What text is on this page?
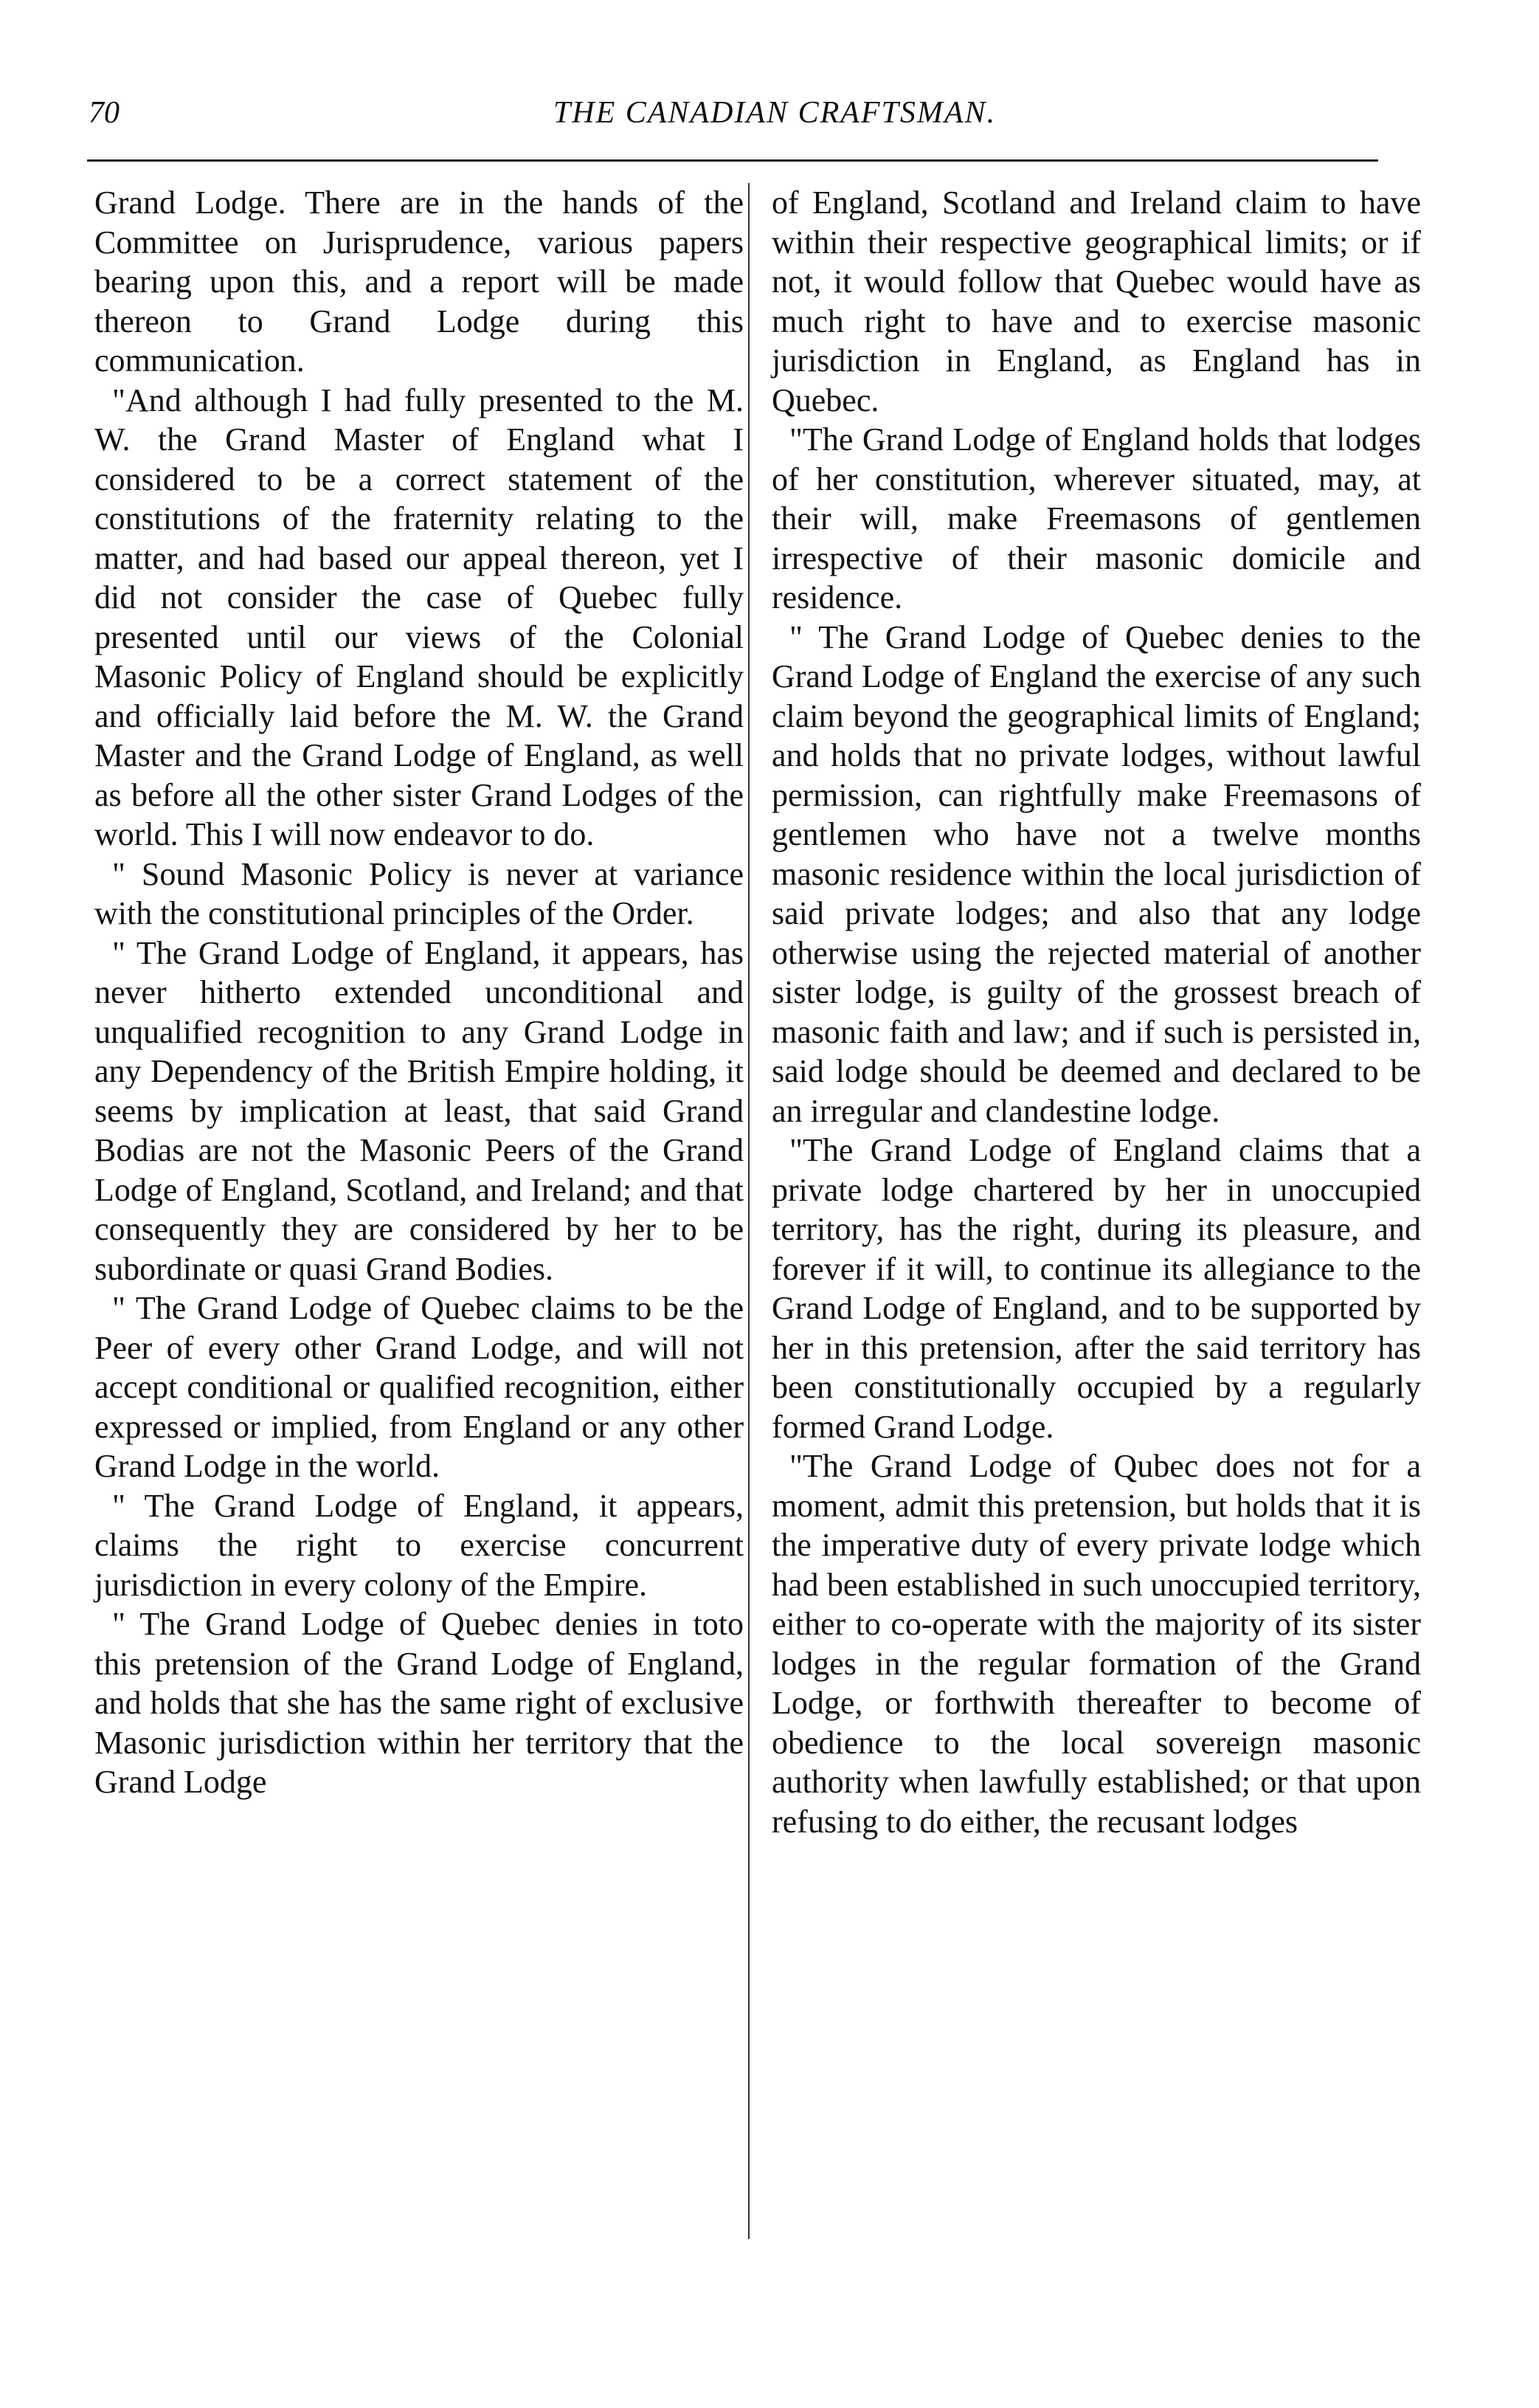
70	THE CANADIAN CRAFTSMAN.

Grand Lodge. There are in the hands of the Committee on Jurisprudence, various papers bearing upon this, and a report will be made thereon to Grand Lodge during this communication.

"And although I had fully presented to the M. W. the Grand Master of England what I considered to be a correct statement of the constitutions of the fraternity relating to the matter, and had based our appeal thereon, yet I did not consider the case of Quebec fully presented until our views of the Colonial Masonic Policy of England should be explicitly and officially laid before the M. W. the Grand Master and the Grand Lodge of England, as well as before all the other sister Grand Lodges of the world. This I will now endeavor to do.

" Sound Masonic Policy is never at variance with the constitutional principles of the Order.

" The Grand Lodge of England, it appears, has never hitherto extended unconditional and unqualified recognition to any Grand Lodge in any Dependency of the British Empire holding, it seems by implication at least, that said Grand Bodias are not the Masonic Peers of the Grand Lodge of England, Scotland, and Ireland; and that consequently they are considered by her to be subordinate or quasi Grand Bodies.

" The Grand Lodge of Quebec claims to be the Peer of every other Grand Lodge, and will not accept conditional or qualified recognition, either expressed or implied, from England or any other Grand Lodge in the world.

" The Grand Lodge of England, it appears, claims the right to exercise concurrent jurisdiction in every colony of the Empire.

" The Grand Lodge of Quebec denies in toto this pretension of the Grand Lodge of England, and holds that she has the same right of exclusive Masonic jurisdiction within her territory that the Grand Lodge

of England, Scotland and Ireland claim to have within their respective geographical limits; or if not, it would follow that Quebec would have as much right to have and to exercise masonic jurisdiction in England, as England has in Quebec.

"The Grand Lodge of England holds that lodges of her constitution, wherever situated, may, at their will, make Freemasons of gentlemen irrespective of their masonic domicile and residence.

" The Grand Lodge of Quebec denies to the Grand Lodge of England the exercise of any such claim beyond the geographical limits of England; and holds that no private lodges, without lawful permission, can rightfully make Freemasons of gentlemen who have not a twelve months masonic residence within the local jurisdiction of said private lodges; and also that any lodge otherwise using the rejected material of another sister lodge, is guilty of the grossest breach of masonic faith and law; and if such is persisted in, said lodge should be deemed and declared to be an irregular and clandestine lodge.

"The Grand Lodge of England claims that a private lodge chartered by her in unoccupied territory, has the right, during its pleasure, and forever if it will, to continue its allegiance to the Grand Lodge of England, and to be supported by her in this pretension, after the said territory has been constitutionally occupied by a regularly formed Grand Lodge.

"The Grand Lodge of Qubec does not for a moment, admit this pretension, but holds that it is the imperative duty of every private lodge which had been established in such unoccupied territory, either to co-operate with the majority of its sister lodges in the regular formation of the Grand Lodge, or forthwith thereafter to become of obedience to the local sovereign masonic authority when lawfully established; or that upon refusing to do either, the recusant lodges
